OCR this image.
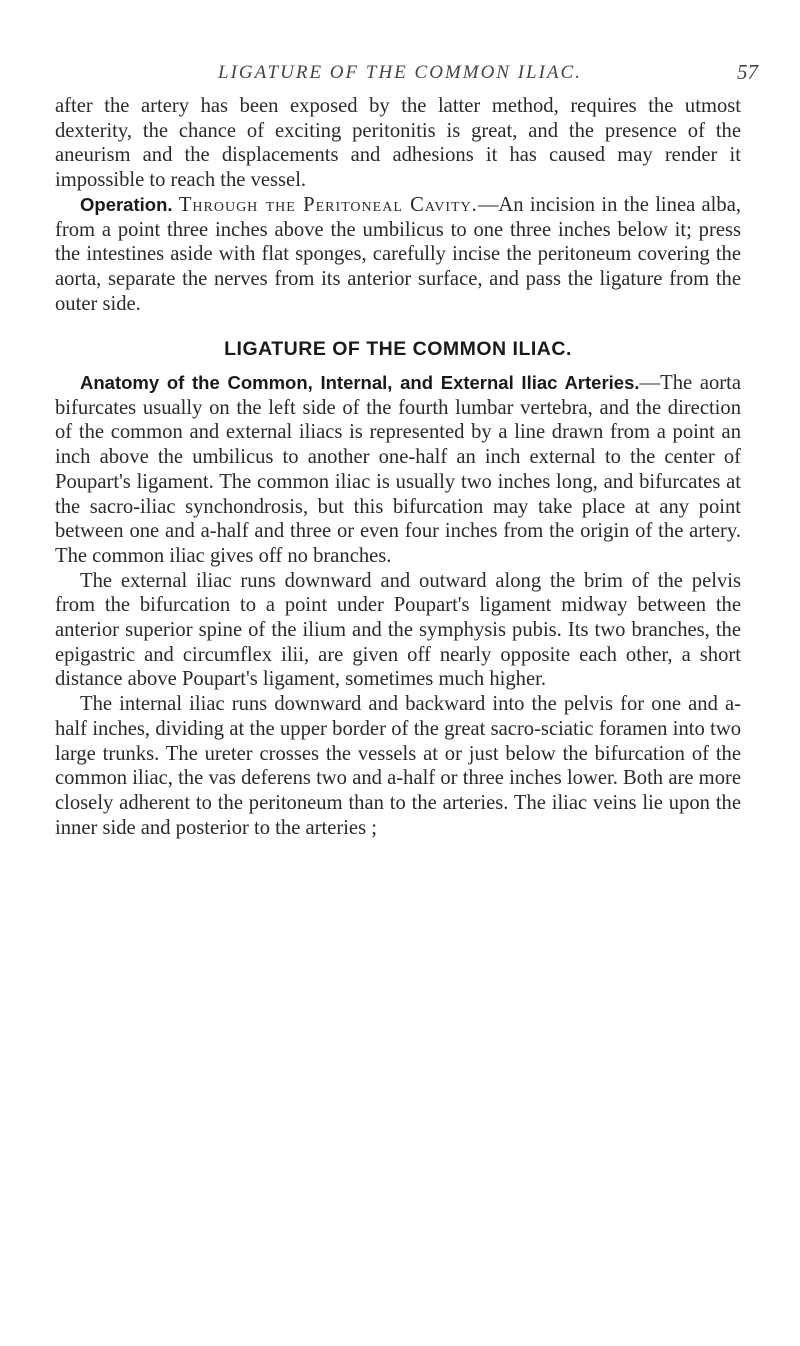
LIGATURE OF THE COMMON ILIAC.	57

after the artery has been exposed by the latter method, requires the utmost dexterity, the chance of exciting peritonitis is great, and the presence of the aneurism and the displacements and adhesions it has caused may render it impossible to reach the vessel.

Operation. Through the Peritoneal Cavity.—An incision in the linea alba, from a point three inches above the umbilicus to one three inches below it; press the intestines aside with flat sponges, carefully incise the peritoneum covering the aorta, separate the nerves from its anterior surface, and pass the ligature from the outer side.

LIGATURE OF THE COMMON ILIAC.

Anatomy of the Common, Internal, and External Iliac Arteries.—The aorta bifurcates usually on the left side of the fourth lumbar vertebra, and the direction of the common and external iliacs is represented by a line drawn from a point an inch above the umbilicus to another one-half an inch external to the center of Poupart's ligament. The common iliac is usually two inches long, and bifurcates at the sacro-iliac synchondrosis, but this bifurcation may take place at any point between one and a-half and three or even four inches from the origin of the artery. The common iliac gives off no branches.

The external iliac runs downward and outward along the brim of the pelvis from the bifurcation to a point under Poupart's ligament midway between the anterior superior spine of the ilium and the symphysis pubis. Its two branches, the epigastric and circumflex ilii, are given off nearly opposite each other, a short distance above Poupart's ligament, sometimes much higher.

The internal iliac runs downward and backward into the pelvis for one and a-half inches, dividing at the upper border of the great sacro-sciatic foramen into two large trunks. The ureter crosses the vessels at or just below the bifurcation of the common iliac, the vas deferens two and a-half or three inches lower. Both are more closely adherent to the peritoneum than to the arteries. The iliac veins lie upon the inner side and posterior to the arteries ;
